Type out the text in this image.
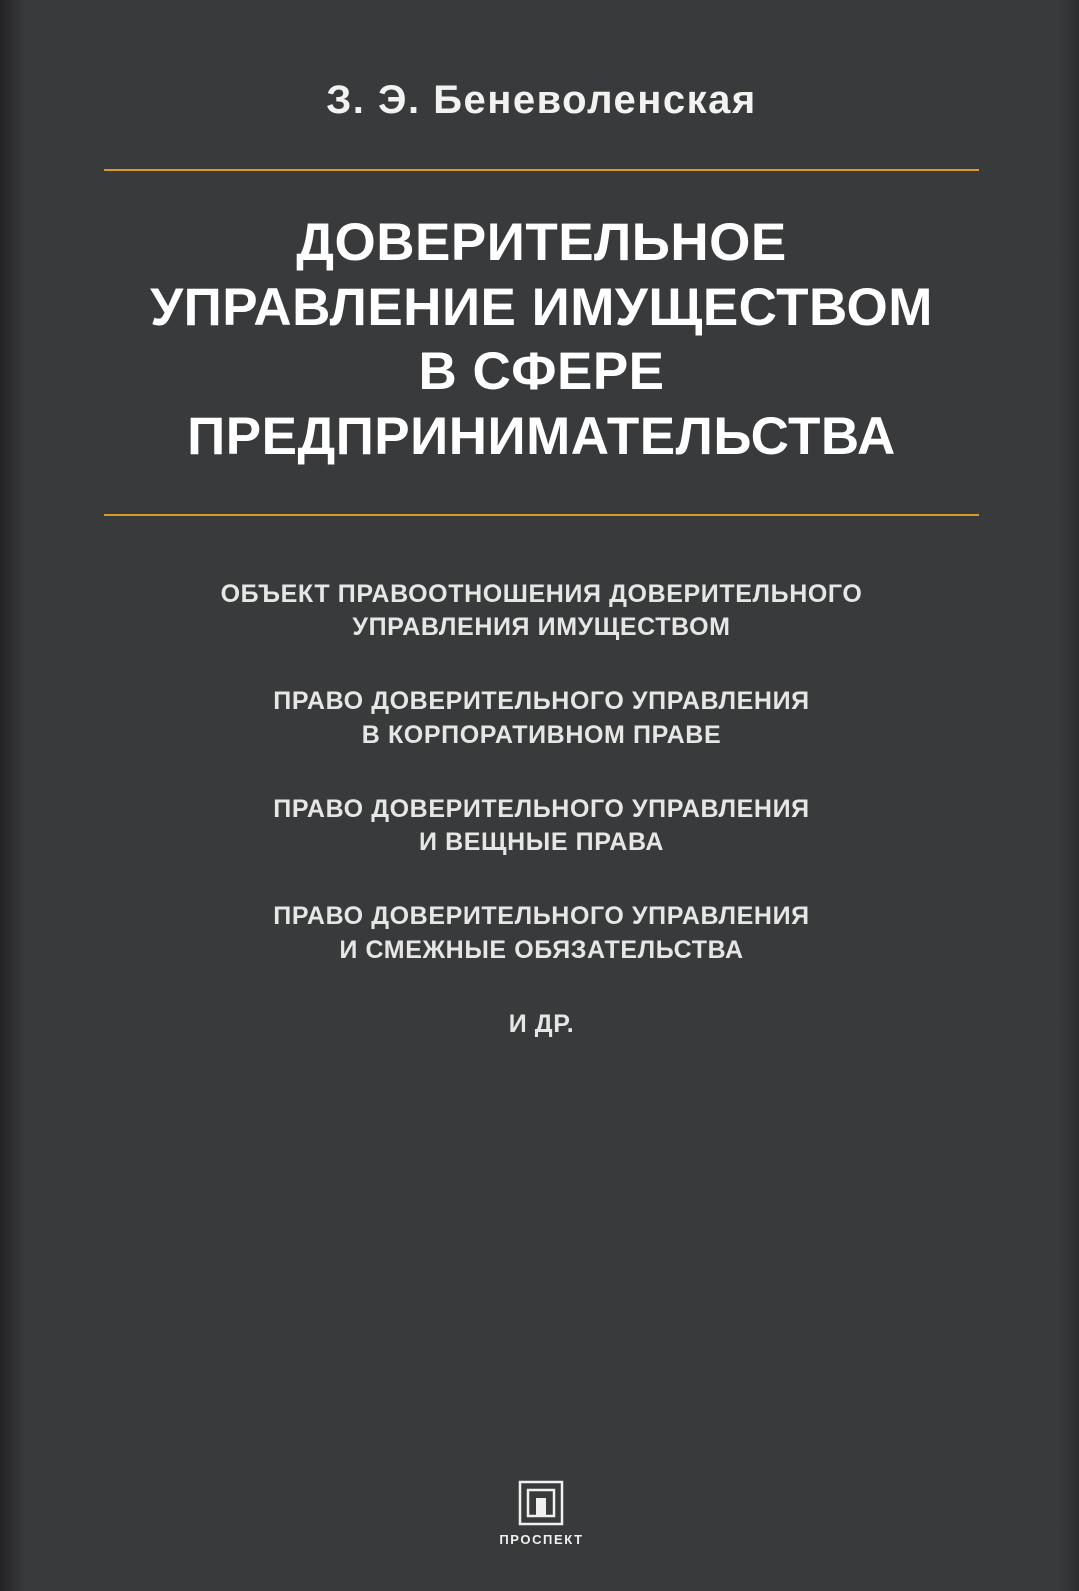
З. Э. Беневоленская
ДОВЕРИТЕЛЬНОЕ
УПРАВЛЕНИЕ ИМУЩЕСТВОМ
В СФЕРЕ
ПРЕДПРИНИМАТЕЛЬСТВА
ОБЪЕКТ ПРАВООТНОШЕНИЯ ДОВЕРИТЕЛЬНОГО
УПРАВЛЕНИЯ ИМУЩЕСТВОМ
ПРАВО ДОВЕРИТЕЛЬНОГО УПРАВЛЕНИЯ
В КОРПОРАТИВНОМ ПРАВЕ
ПРАВО ДОВЕРИТЕЛЬНОГО УПРАВЛЕНИЯ
И ВЕЩНЫЕ ПРАВА
ПРАВО ДОВЕРИТЕЛЬНОГО УПРАВЛЕНИЯ
И СМЕЖНЫЕ ОБЯЗАТЕЛЬСТВА
И ДР.
ПРОСПЕКТ
